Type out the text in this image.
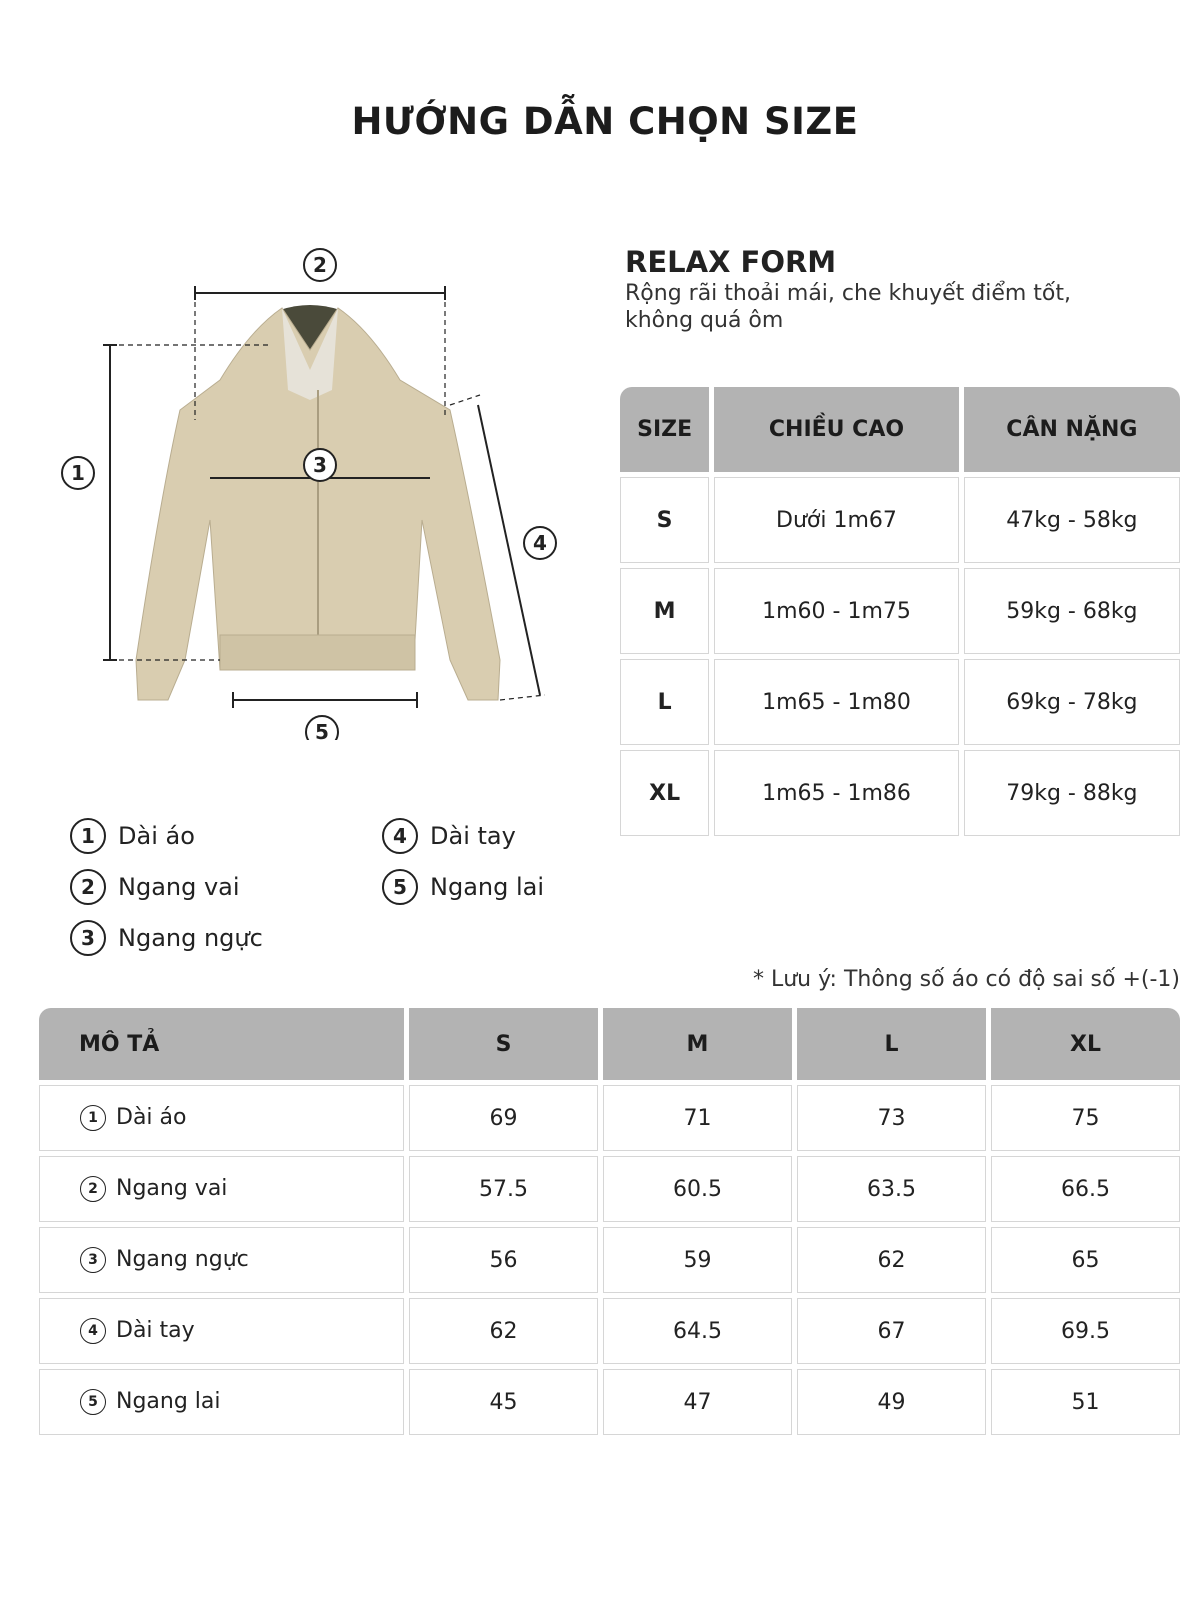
HƯỚNG DẪN CHỌN SIZE
1
2
3
4
5
RELAX FORM
Rộng rãi thoải mái, che khuyết điểm tốt, không quá ôm
SIZE	CHIỀU CAO	CÂN NẶNG
S	Dưới 1m67	47kg - 58kg
M	1m60 - 1m75	59kg - 68kg
L	1m65 - 1m80	69kg - 78kg
XL	1m65 - 1m86	79kg - 88kg
1 Dài áo
2 Ngang vai
3 Ngang ngực
4 Dài tay
5 Ngang lai
* Lưu ý: Thông số áo có độ sai số +(-1)
MÔ TẢ	S	M	L	XL
1 Dài áo	69	71	73	75
2 Ngang vai	57.5	60.5	63.5	66.5
3 Ngang ngực	56	59	62	65
4 Dài tay	62	64.5	67	69.5
5 Ngang lai	45	47	49	51
